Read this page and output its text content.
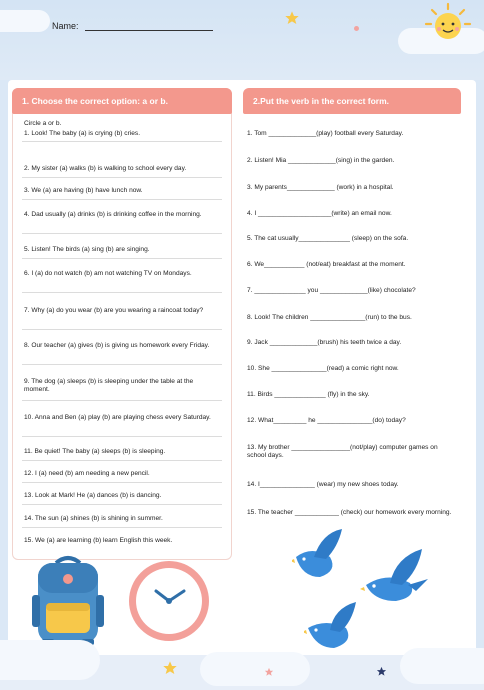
Name:
1. Choose the correct option: a or b.	2.Put the verb in the correct form.
Circle a or b.
1. Look! The baby (a) is crying (b) cries.
2. My sister (a) walks (b) is walking to school every day.
3. We (a) are having (b) have lunch now.
4. Dad usually (a) drinks (b) is drinking coffee in the morning.
5. Listen! The birds (a) sing (b) are singing.
6. I (a) do not watch (b) am not watching TV on Mondays.
7. Why (a) do you wear (b) are you wearing a raincoat today?
8. Our teacher (a) gives (b) is giving us homework every Friday.
9. The dog (a) sleeps (b) is sleeping under the table at the moment.
10. Anna and Ben (a) play (b) are playing chess every Saturday.
11. Be quiet! The baby (a) sleeps (b) is sleeping.
12. I (a) need (b) am needing a new pencil.
13. Look at Mark! He (a) dances (b) is dancing.
14. The sun (a) shines (b) is shining in summer.
15. We (a) are learning (b) learn English this week.
1. Tom _____________(play) football every Saturday.
2. Listen! Mia _____________(sing) in the garden.
3. My parents_____________ (work) in a hospital.
4. I ____________________(write) an email now.
5. The cat usually______________ (sleep) on the sofa.
6. We___________ (not/eat) breakfast at the moment.
7. ______________ you _____________(like) chocolate?
8. Look! The children _______________(run) to the bus.
9. Jack _____________(brush) his teeth twice a day.
10. She _______________(read) a comic right now.
11. Birds ______________ (fly) in the sky.
12. What_________ he _______________(do) today?
13. My brother ________________(not/play) computer games on school days.
14. I_______________ (wear) my new shoes today.
15. The teacher ____________ (check) our homework every morning.
